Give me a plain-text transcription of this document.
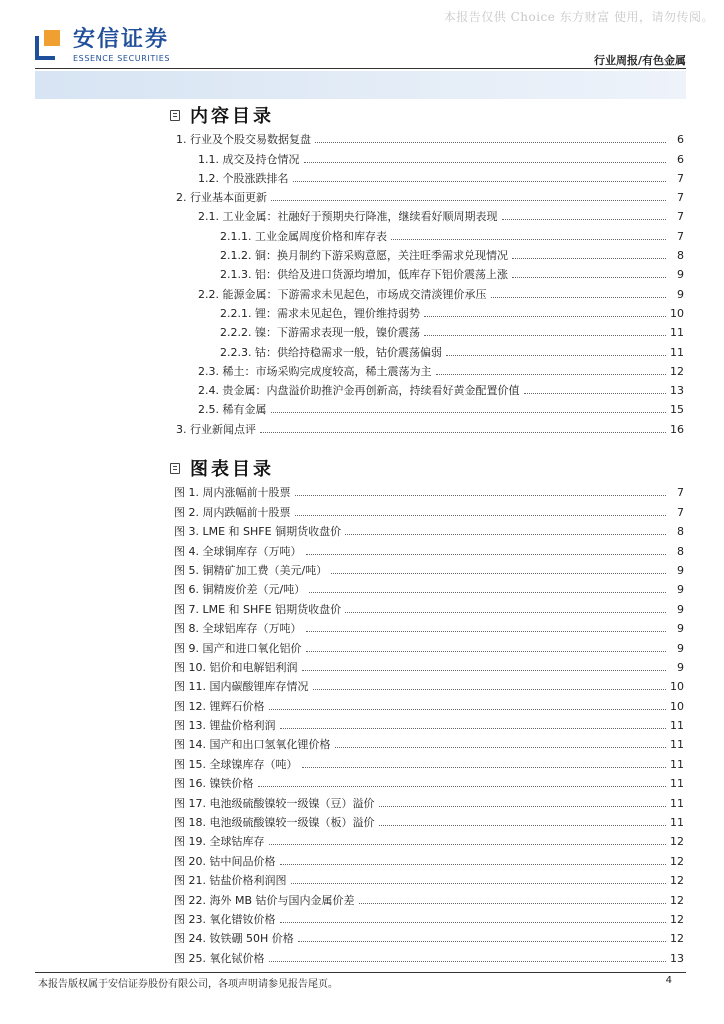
本报告仅供 Choice 东方财富 使用，请勿传阅。
安信证券
ESSENCE SECURITIES	行业周报/有色金属
内容目录
1. 行业及个股交易数据复盘	6
1.1. 成交及持仓情况	6
1.2. 个股涨跌排名	7
2. 行业基本面更新	7
2.1. 工业金属：社融好于预期央行降准，继续看好顺周期表现	7
2.1.1. 工业金属周度价格和库存表	7
2.1.2. 铜：换月制约下游采购意愿，关注旺季需求兑现情况	8
2.1.3. 铝：供给及进口货源均增加，低库存下铝价震荡上涨	9
2.2. 能源金属：下游需求未见起色，市场成交清淡锂价承压	9
2.2.1. 锂：需求未见起色，锂价维持弱势	10
2.2.2. 镍：下游需求表现一般，镍价震荡	11
2.2.3. 钴：供给持稳需求一般，钴价震荡偏弱	11
2.3. 稀土：市场采购完成度较高，稀土震荡为主	12
2.4. 贵金属：内盘溢价助推沪金再创新高，持续看好黄金配置价值	13
2.5. 稀有金属	15
3. 行业新闻点评	16
图表目录
图 1. 周内涨幅前十股票	7
图 2. 周内跌幅前十股票	7
图 3. LME 和 SHFE 铜期货收盘价	8
图 4. 全球铜库存（万吨）	8
图 5. 铜精矿加工费（美元/吨）	9
图 6. 铜精废价差（元/吨）	9
图 7. LME 和 SHFE 铝期货收盘价	9
图 8. 全球铝库存（万吨）	9
图 9. 国产和进口氧化铝价	9
图 10. 铝价和电解铝利润	9
图 11. 国内碳酸锂库存情况	10
图 12. 锂辉石价格	10
图 13. 锂盐价格利润	11
图 14. 国产和出口氢氧化锂价格	11
图 15. 全球镍库存（吨）	11
图 16. 镍铁价格	11
图 17. 电池级硫酸镍较一级镍（豆）溢价	11
图 18. 电池级硫酸镍较一级镍（板）溢价	11
图 19. 全球钴库存	12
图 20. 钴中间品价格	12
图 21. 钴盐价格利润图	12
图 22. 海外 MB 钴价与国内金属价差	12
图 23. 氧化镨钕价格	12
图 24. 钕铁硼 50H 价格	12
图 25. 氧化铽价格	13
本报告版权属于安信证券股份有限公司，各项声明请参见报告尾页。	4
